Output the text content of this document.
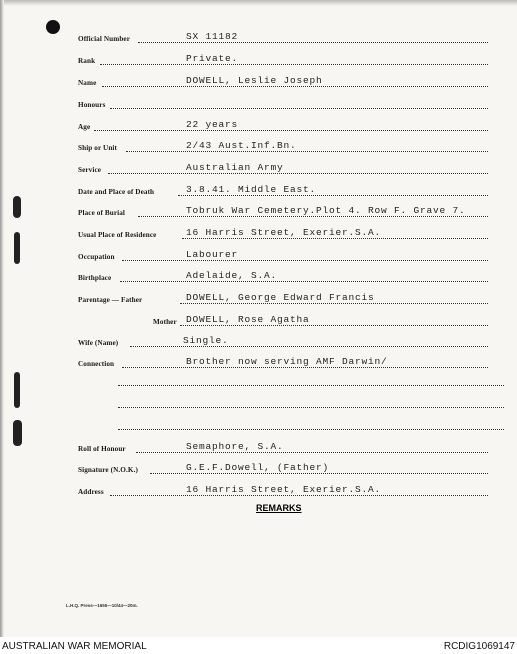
Official Number	SX 11182
Rank	Private.
Name	DOWELL, Leslie Joseph
Honours
Age	22 years
Ship or Unit	2/43 Aust.Inf.Bn.
Service	Australian Army
Date and Place of Death	3.8.41. Middle East.
Place of Burial	Tobruk War Cemetery.Plot 4. Row F. Grave 7.
Usual Place of Residence	16 Harris Street, Exerier.S.A.
Occupation	Labourer
Birthplace	Adelaide, S.A.
Parentage — Father	DOWELL, George Edward Francis
Mother DOWELL, Rose Agatha
Wife (Name)	Single.
Connection	Brother now serving AMF Darwin/
Roll of Honour	Semaphore, S.A.
Signature (N.O.K.)	G.E.F.Dowell, (Father)
Address	16 Harris Street, Exerier.S.A.
REMARKS
L.H.Q. Press—1655—10/44—20m.
AUSTRALIAN WAR MEMORIAL	RCDIG1069147
